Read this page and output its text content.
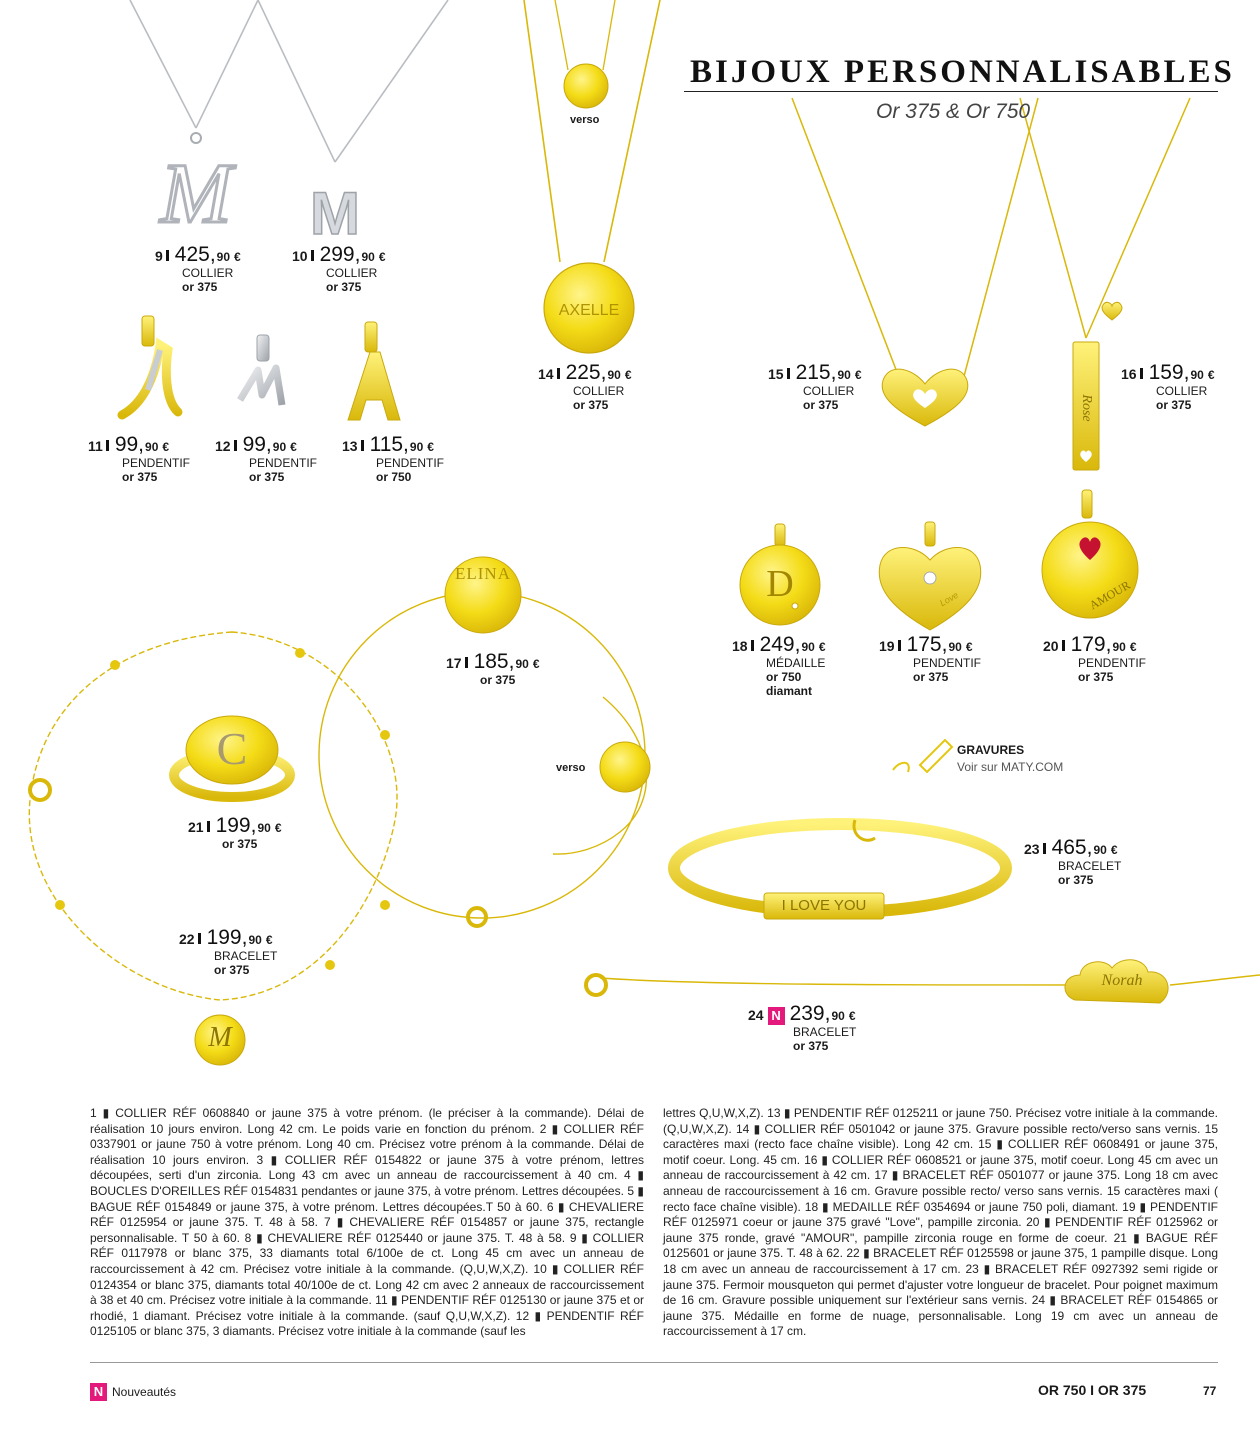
M M
AXELLE
ELINA
C
D	Love	AMOUR
Rose
I LOVE YOU
Norah
M
BIJOUX PERSONNALISABLES
Or 375 & Or 750
verso
verso
9 425, 90 €
COLLIER
or 375
10 299, 90 €
COLLIER
or 375
11 99, 90 €
PENDENTIF
or 375
12 99, 90 €
PENDENTIF
or 375
13 115, 90 €
PENDENTIF
or 750
14 225, 90 €
COLLIER
or 375
15 215, 90 €
COLLIER
or 375
16 159, 90 €
COLLIER
or 375
17 185, 90 €
or 375
18 249, 90 €
MÉDAILLE
or 750
diamant
19 175, 90 €
PENDENTIF
or 375
20 179, 90 €
PENDENTIF
or 375
21 199, 90 €
or 375
22 199, 90 €
BRACELET
or 375
23 465, 90 €
BRACELET
or 375
24 N 239, 90 €
BRACELET
or 375
GRAVURES
Voir sur MATY.COM
1 ▮ COLLIER RÉF 0608840 or jaune 375 à votre prénom. (le préciser à la commande). Délai de réalisation 10 jours environ. Long 42 cm. Le poids varie en fonction du prénom. 2 ▮ COLLIER RÉF 0337901 or jaune 750 à votre prénom. Long 40 cm. Précisez votre prénom à la commande. Délai de réalisation 10 jours environ. 3 ▮ COLLIER RÉF 0154822 or jaune 375 à votre prénom, lettres découpées, serti d'un zirconia. Long 43 cm avec un anneau de raccourcissement à 40 cm. 4 ▮ BOUCLES D'OREILLES RÉF 0154831 pendantes or jaune 375, à votre prénom. Lettres découpées. 5 ▮ BAGUE RÉF 0154849 or jaune 375, à votre prénom. Lettres découpées.T 50 à 60. 6 ▮ CHEVALIERE RÉF 0125954 or jaune 375. T. 48 à 58. 7 ▮ CHEVALIERE RÉF 0154857 or jaune 375, rectangle personnalisable. T 50 à 60. 8 ▮ CHEVALIERE RÉF 0125440 or jaune 375. T. 48 à 58. 9 ▮ COLLIER RÉF 0117978 or blanc 375, 33 diamants total 6/100e de ct. Long 45 cm avec un anneau de raccourcissement à 42 cm. Précisez votre initiale à la commande. (Q,U,W,X,Z). 10 ▮ COLLIER RÉF 0124354 or blanc 375, diamants total 40/100e de ct. Long 42 cm avec 2 anneaux de raccourcissement à 38 et 40 cm. Précisez votre initiale à la commande. 11 ▮ PENDENTIF RÉF 0125130 or jaune 375 et or rhodié, 1 diamant. Précisez votre initiale à la commande. (sauf Q,U,W,X,Z). 12 ▮ PENDENTIF RÉF 0125105 or blanc 375, 3 diamants. Précisez votre initiale à la commande (sauf les
lettres Q,U,W,X,Z). 13 ▮ PENDENTIF RÉF 0125211 or jaune 750. Précisez votre initiale à la commande. (Q,U,W,X,Z). 14 ▮ COLLIER RÉF 0501042 or jaune 375. Gravure possible recto/verso sans vernis. 15 caractères maxi (recto face chaîne visible). Long 42 cm. 15 ▮ COLLIER RÉF 0608491 or jaune 375, motif coeur. Long. 45 cm. 16 ▮ COLLIER RÉF 0608521 or jaune 375, motif coeur. Long 45 cm avec un anneau de raccourcissement à 42 cm. 17 ▮ BRACELET RÉF 0501077 or jaune 375. Long 18 cm avec anneau de raccourcissement à 16 cm. Gravure possible recto/ verso sans vernis. 15 caractères maxi ( recto face chaîne visible). 18 ▮ MEDAILLE RÉF 0354694 or jaune 750 poli, diamant. 19 ▮ PENDENTIF RÉF 0125971 coeur or jaune 375 gravé "Love", pampille zirconia. 20 ▮ PENDENTIF RÉF 0125962 or jaune 375 ronde, gravé "AMOUR", pampille zirconia rouge en forme de coeur. 21 ▮ BAGUE RÉF 0125601 or jaune 375. T. 48 à 62. 22 ▮ BRACELET RÉF 0125598 or jaune 375, 1 pampille disque. Long 18 cm avec un anneau de raccourcissement à 17 cm. 23 ▮ BRACELET RÉF 0927392 semi rigide or jaune 375. Fermoir mousqueton qui permet d'ajuster votre longueur de bracelet. Pour poignet maximum de 16 cm. Gravure possible uniquement sur l'extérieur sans vernis. 24 ▮ BRACELET RÉF 0154865 or jaune 375. Médaille en forme de nuage, personnalisable. Long 19 cm avec un anneau de raccourcissement à 17 cm.
N Nouveautés	OR 750 I OR 375	77
